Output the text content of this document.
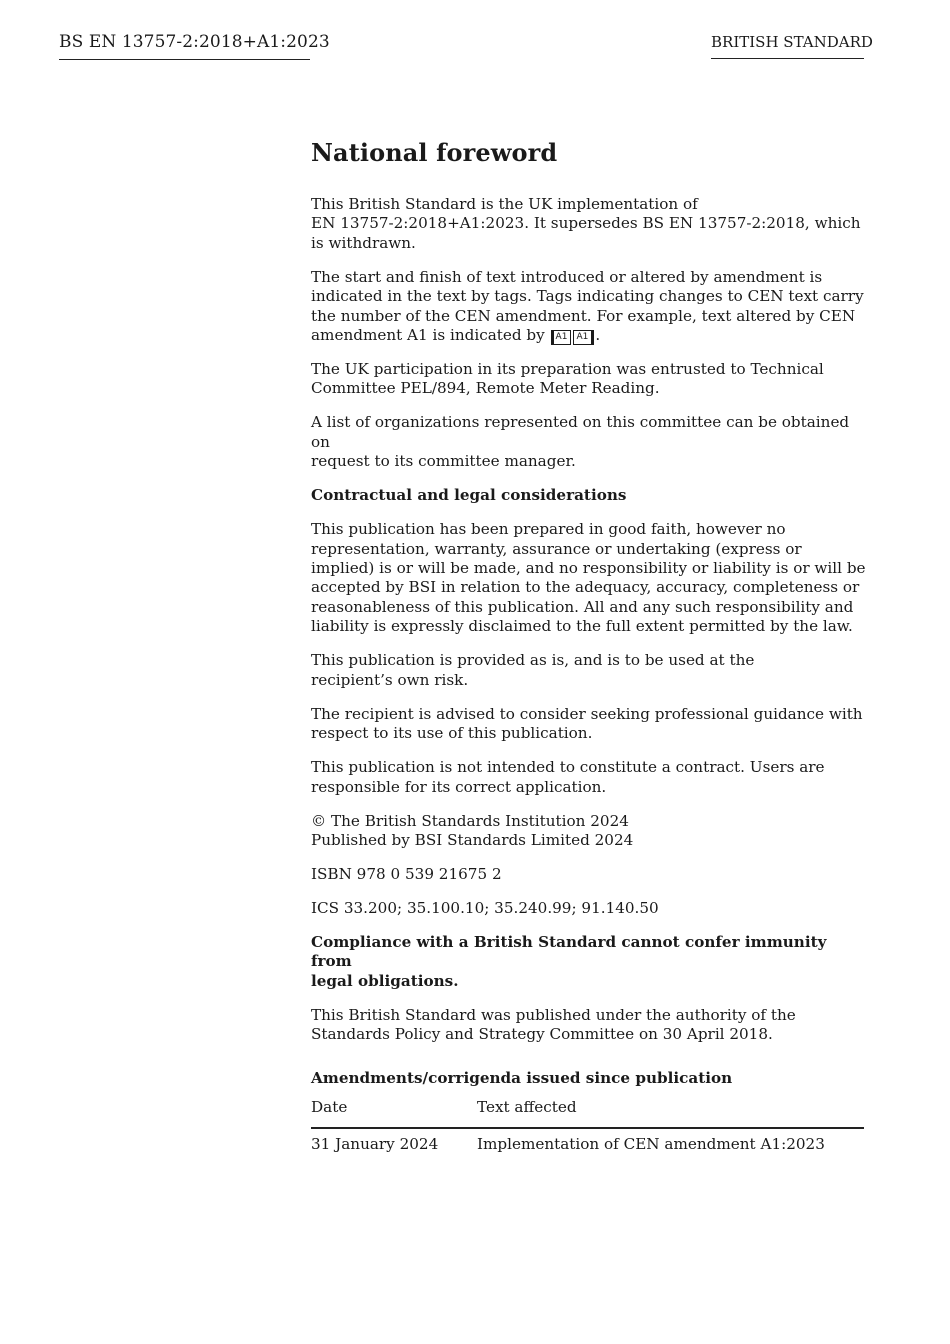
BS EN 13757-2:2018+A1:2023	BRITISH STANDARD
National foreword

This British Standard is the UK implementation of
EN 13757-2:2018+A1:2023. It supersedes BS EN 13757-2:2018, which
is withdrawn.

The start and finish of text introduced or altered by amendment is
indicated in the text by tags. Tags indicating changes to CEN text carry
the number of the CEN amendment. For example, text altered by CEN
amendment A1 is indicated by A1 A1 .

The UK participation in its preparation was entrusted to Technical
Committee PEL/894, Remote Meter Reading.

A list of organizations represented on this committee can be obtained on
request to its committee manager.

Contractual and legal considerations

This publication has been prepared in good faith, however no
representation, warranty, assurance or undertaking (express or
implied) is or will be made, and no responsibility or liability is or will be
accepted by BSI in relation to the adequacy, accuracy, completeness or
reasonableness of this publication. All and any such responsibility and
liability is expressly disclaimed to the full extent permitted by the law.

This publication is provided as is, and is to be used at the
recipient’s own risk.

The recipient is advised to consider seeking professional guidance with
respect to its use of this publication.

This publication is not intended to constitute a contract. Users are
responsible for its correct application.

© The British Standards Institution 2024
Published by BSI Standards Limited 2024

ISBN 978 0 539 21675 2

ICS 33.200; 35.100.10; 35.240.99; 91.140.50

Compliance with a British Standard cannot confer immunity from
legal obligations.

This British Standard was published under the authority of the
Standards Policy and Strategy Committee on 30 April 2018.

Amendments/corrigenda issued since publication
Date	Text affected
31 January 2024	Implementation of CEN amendment A1:2023
